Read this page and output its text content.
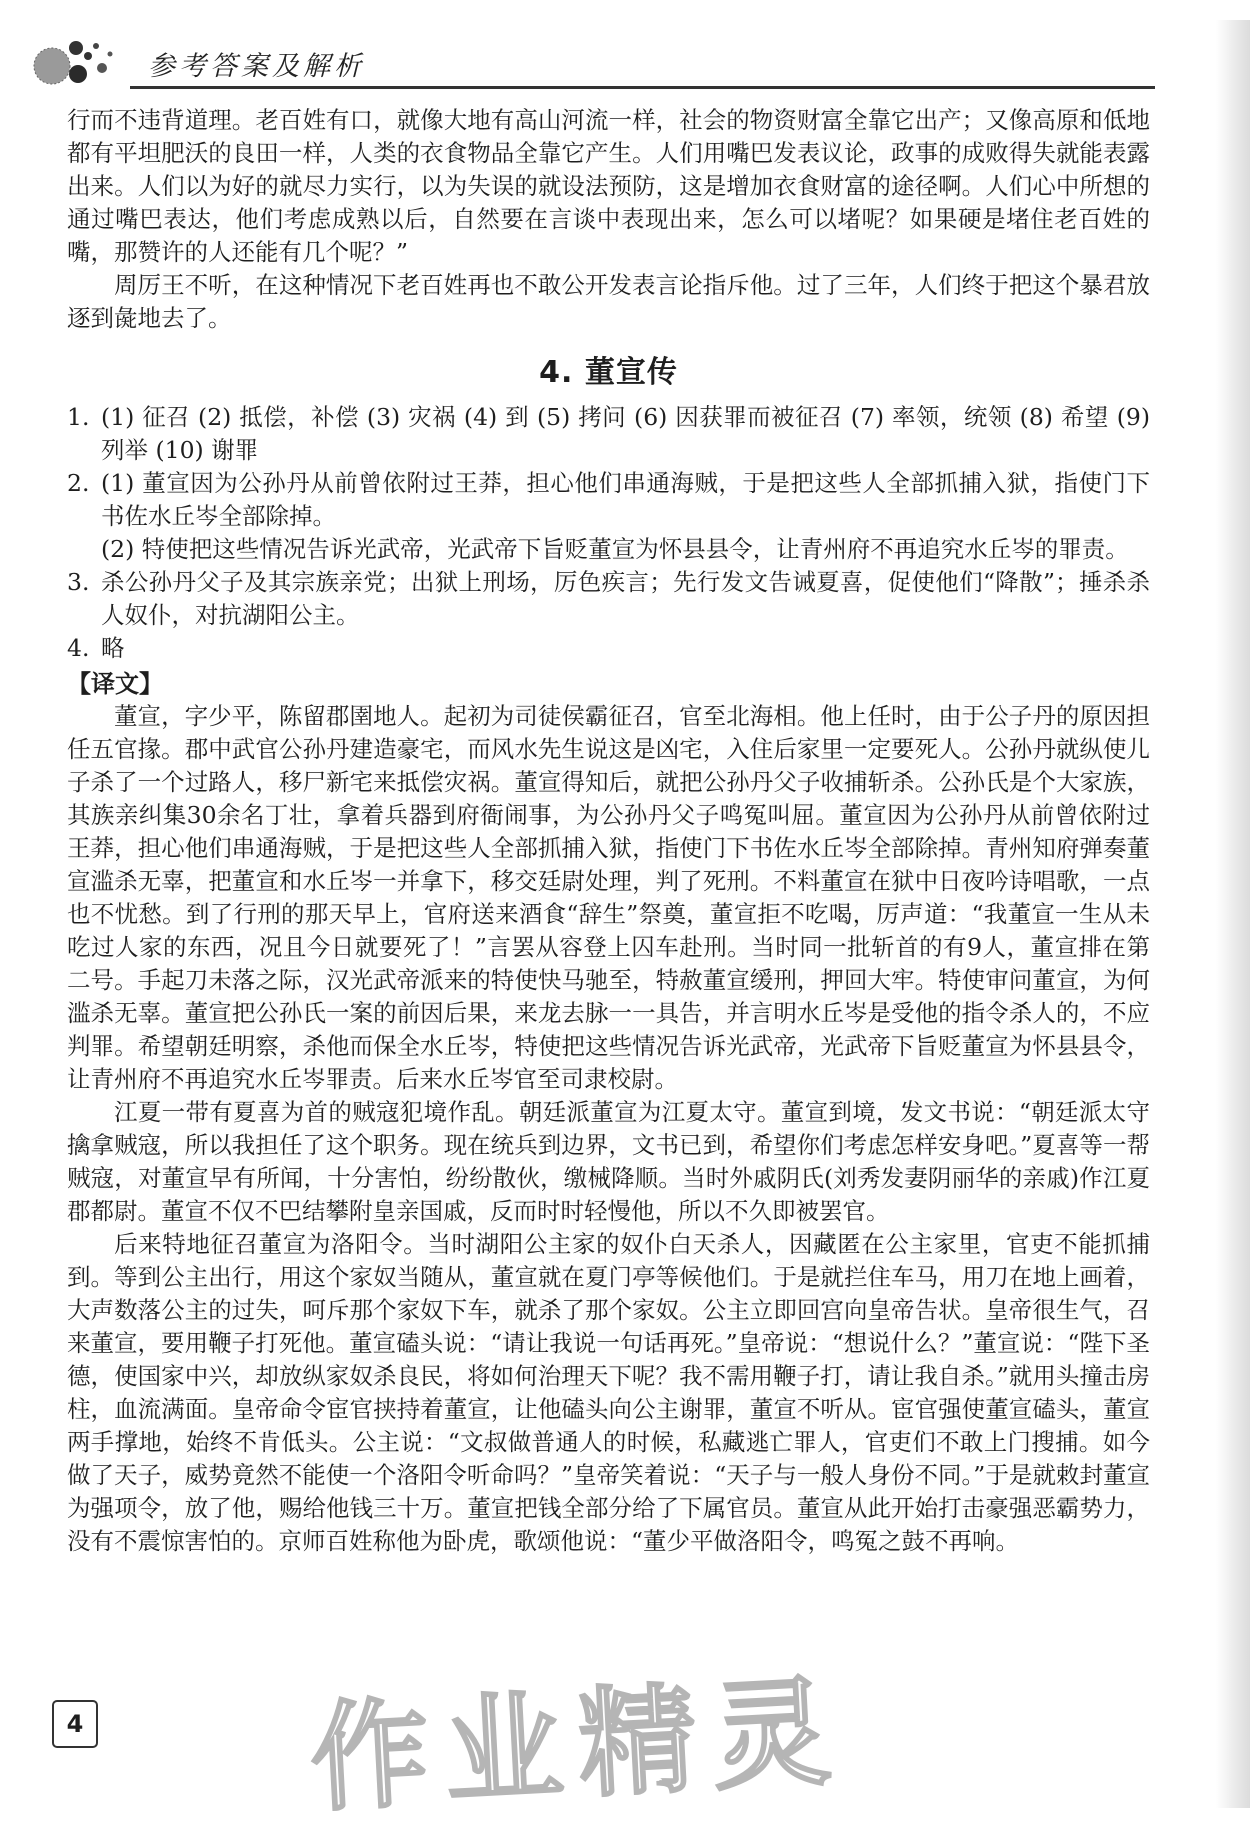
参考答案及解析

行而不违背道理。老百姓有口，就像大地有高山河流一样，社会的物资财富全靠它出产；又像高原和低地都有平坦肥沃的良田一样，人类的衣食物品全靠它产生。人们用嘴巴发表议论，政事的成败得失就能表露出来。人们以为好的就尽力实行，以为失误的就设法预防，这是增加衣食财富的途径啊。人们心中所想的通过嘴巴表达，他们考虑成熟以后，自然要在言谈中表现出来，怎么可以堵呢？如果硬是堵住老百姓的嘴，那赞许的人还能有几个呢？”

周厉王不听，在这种情况下老百姓再也不敢公开发表言论指斥他。过了三年，人们终于把这个暴君放逐到彘地去了。

4. 董宣传
1. (1) 征召 (2) 抵偿，补偿 (3) 灾祸 (4) 到 (5) 拷问 (6) 因获罪而被征召 (7) 率领，统领 (8) 希望 (9) 列举 (10) 谢罪
2. (1) 董宣因为公孙丹从前曾依附过王莽，担心他们串通海贼，于是把这些人全部抓捕入狱，指使门下书佐水丘岑全部除掉。
(2) 特使把这些情况告诉光武帝，光武帝下旨贬董宣为怀县县令，让青州府不再追究水丘岑的罪责。
3. 杀公孙丹父子及其宗族亲党；出狱上刑场，厉色疾言；先行发文告诫夏喜，促使他们“降散”；捶杀杀人奴仆，对抗湖阳公主。
4. 略
【译文】

董宣，字少平，陈留郡圉地人。起初为司徒侯霸征召，官至北海相。他上任时，由于公子丹的原因担任五官掾。郡中武官公孙丹建造豪宅，而风水先生说这是凶宅，入住后家里一定要死人。公孙丹就纵使儿子杀了一个过路人，移尸新宅来抵偿灾祸。董宣得知后，就把公孙丹父子收捕斩杀。公孙氏是个大家族，其族亲纠集30余名丁壮，拿着兵器到府衙闹事，为公孙丹父子鸣冤叫屈。董宣因为公孙丹从前曾依附过王莽，担心他们串通海贼，于是把这些人全部抓捕入狱，指使门下书佐水丘岑全部除掉。青州知府弹奏董宣滥杀无辜，把董宣和水丘岑一并拿下，移交廷尉处理，判了死刑。不料董宣在狱中日夜吟诗唱歌，一点也不忧愁。到了行刑的那天早上，官府送来酒食“辞生”祭奠，董宣拒不吃喝，厉声道：“我董宣一生从未吃过人家的东西，况且今日就要死了！”言罢从容登上囚车赴刑。当时同一批斩首的有9人，董宣排在第二号。手起刀未落之际，汉光武帝派来的特使快马驰至，特赦董宣缓刑，押回大牢。特使审问董宣，为何滥杀无辜。董宣把公孙氏一案的前因后果，来龙去脉一一具告，并言明水丘岑是受他的指令杀人的，不应判罪。希望朝廷明察，杀他而保全水丘岑，特使把这些情况告诉光武帝，光武帝下旨贬董宣为怀县县令，让青州府不再追究水丘岑罪责。后来水丘岑官至司隶校尉。

江夏一带有夏喜为首的贼寇犯境作乱。朝廷派董宣为江夏太守。董宣到境，发文书说：“朝廷派太守擒拿贼寇，所以我担任了这个职务。现在统兵到边界，文书已到，希望你们考虑怎样安身吧。”夏喜等一帮贼寇，对董宣早有所闻，十分害怕，纷纷散伙，缴械降顺。当时外戚阴氏(刘秀发妻阴丽华的亲戚)作江夏郡都尉。董宣不仅不巴结攀附皇亲国戚，反而时时轻慢他，所以不久即被罢官。

后来特地征召董宣为洛阳令。当时湖阳公主家的奴仆白天杀人，因藏匿在公主家里，官吏不能抓捕到。等到公主出行，用这个家奴当随从，董宣就在夏门亭等候他们。于是就拦住车马，用刀在地上画着，大声数落公主的过失，呵斥那个家奴下车，就杀了那个家奴。公主立即回宫向皇帝告状。皇帝很生气，召来董宣，要用鞭子打死他。董宣磕头说：“请让我说一句话再死。”皇帝说：“想说什么？”董宣说：“陛下圣德，使国家中兴，却放纵家奴杀良民，将如何治理天下呢？我不需用鞭子打，请让我自杀。”就用头撞击房柱，血流满面。皇帝命令宦官挟持着董宣，让他磕头向公主谢罪，董宣不听从。宦官强使董宣磕头，董宣两手撑地，始终不肯低头。公主说：“文叔做普通人的时候，私藏逃亡罪人，官吏们不敢上门搜捕。如今做了天子，威势竟然不能使一个洛阳令听命吗？”皇帝笑着说：“天子与一般人身份不同。”于是就敕封董宣为强项令，放了他，赐给他钱三十万。董宣把钱全部分给了下属官员。董宣从此开始打击豪强恶霸势力，没有不震惊害怕的。京师百姓称他为卧虎，歌颂他说：“董少平做洛阳令，鸣冤之鼓不再响。

作业精灵
4
